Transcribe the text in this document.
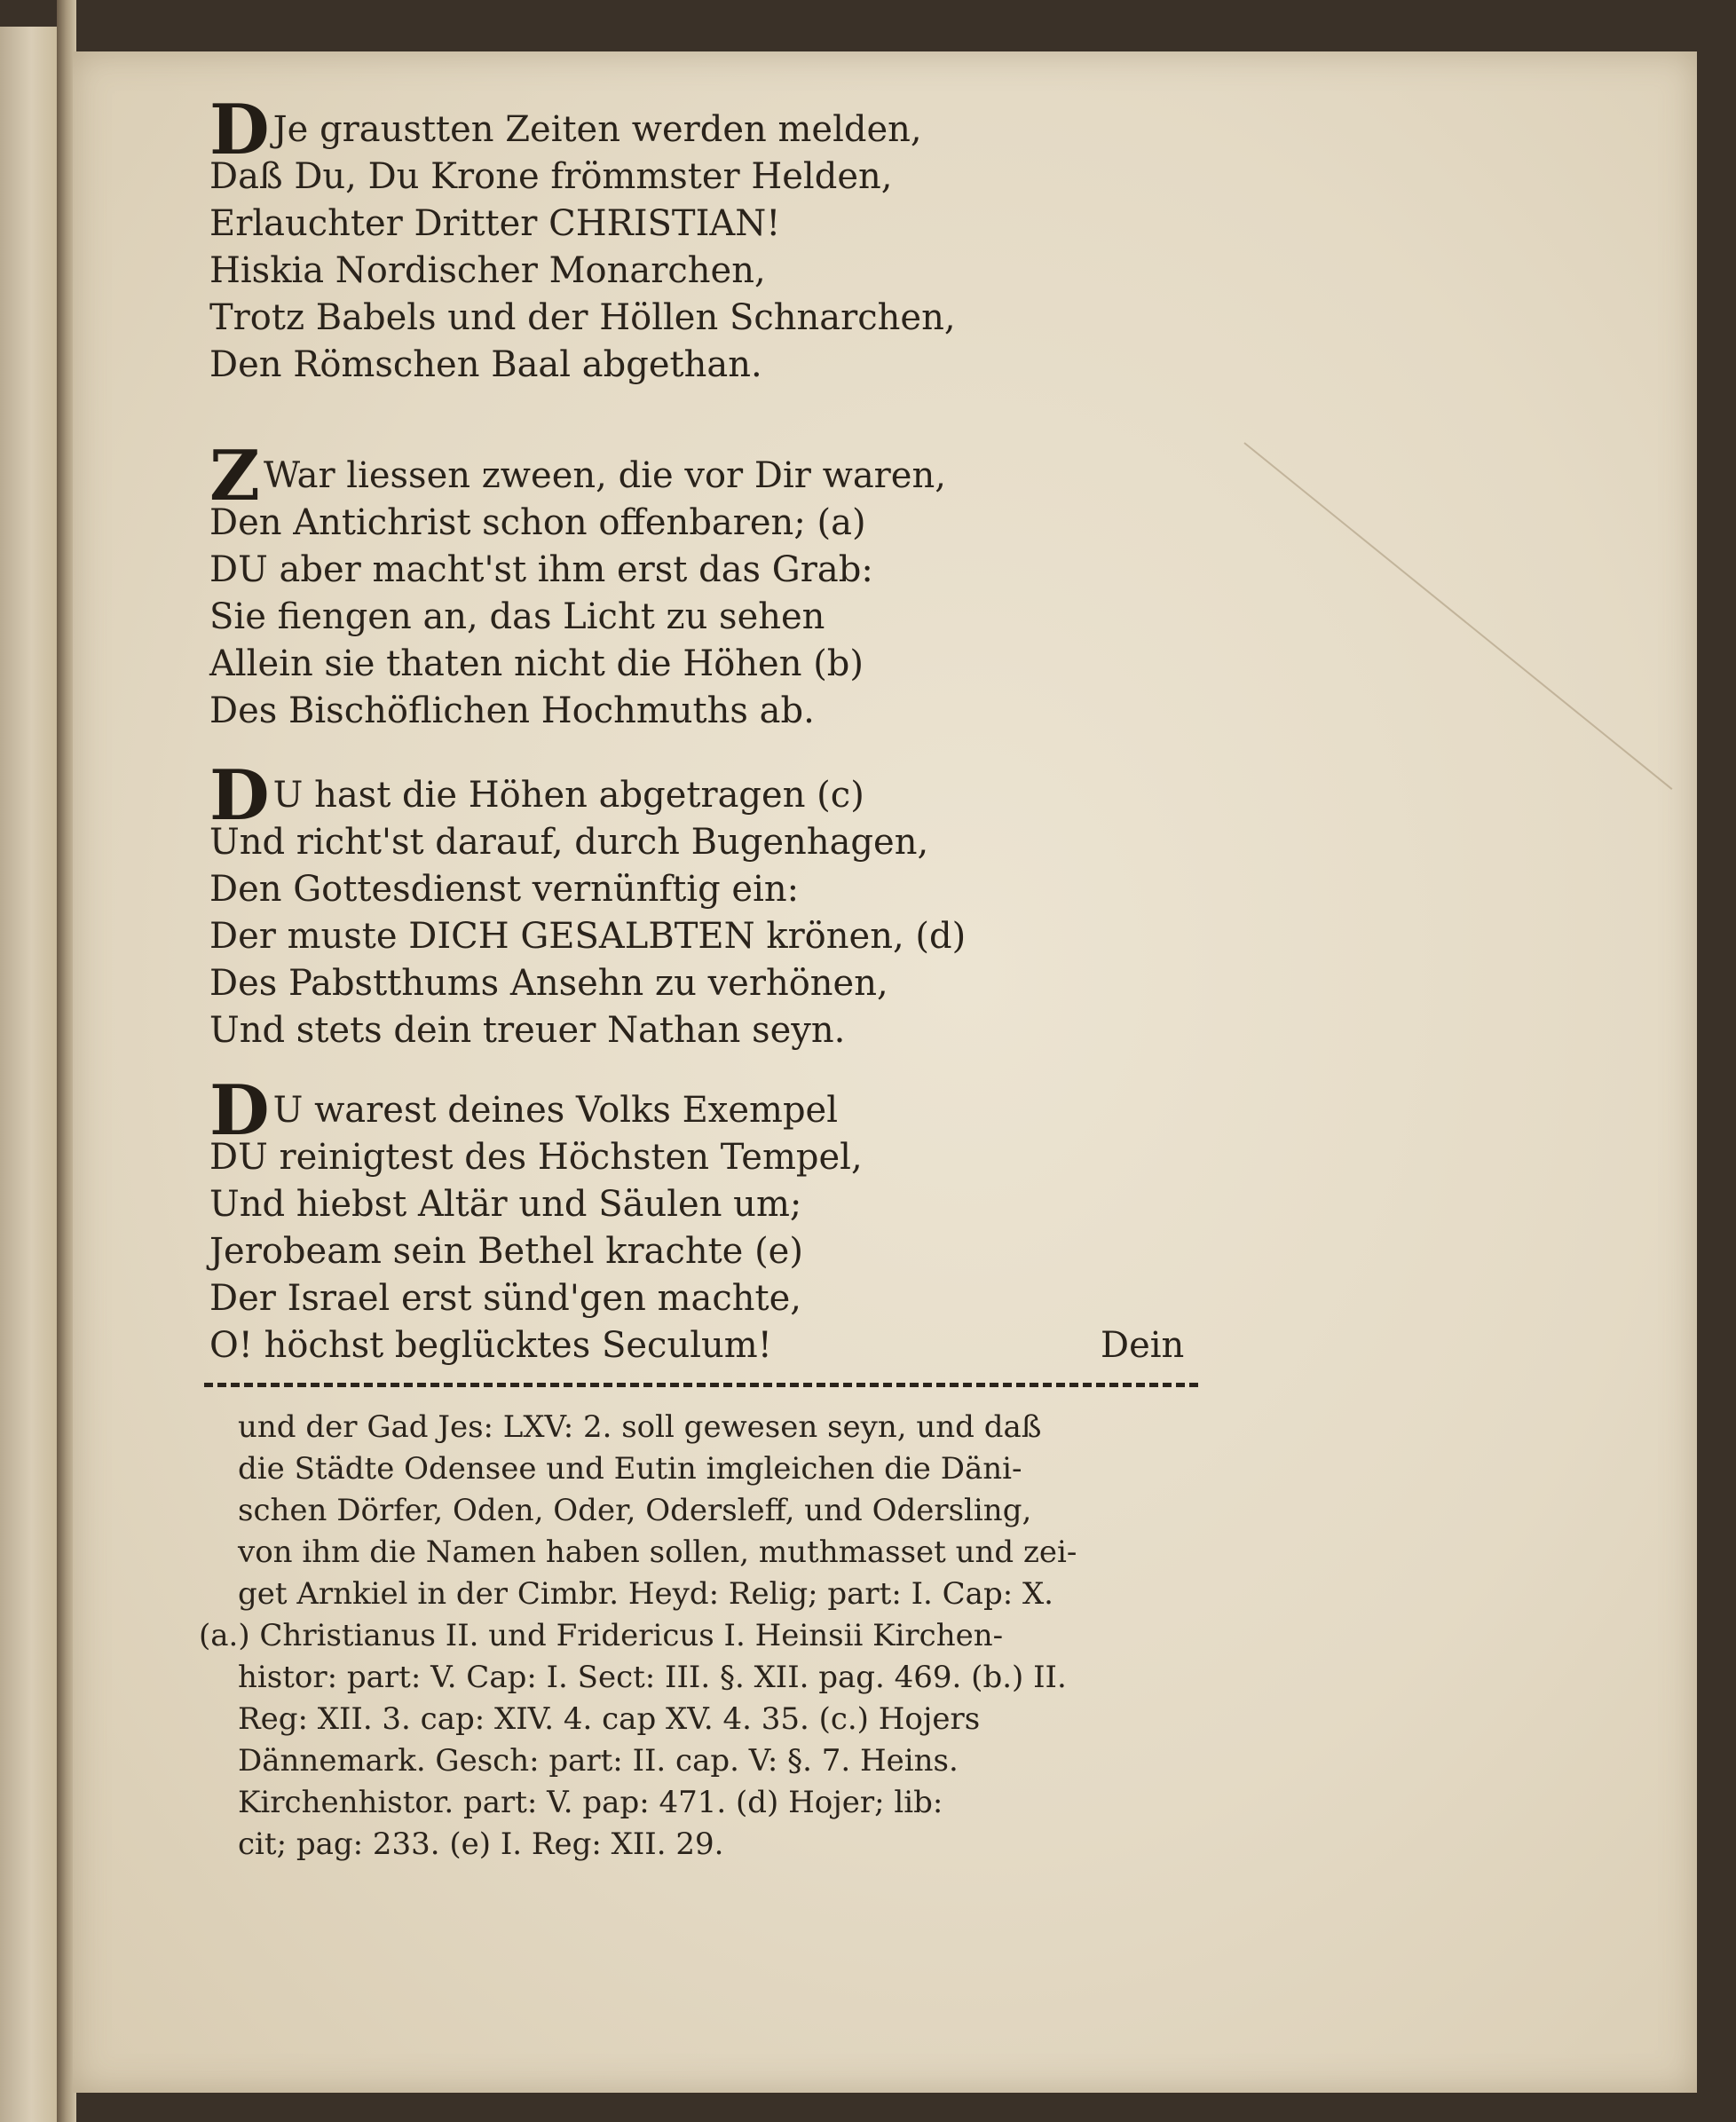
D Je graustten Zeiten werden melden,
Daß Du, Du Krone frömmster Helden,
Erlauchter Dritter CHRISTIAN!
Hiskia Nordischer Monarchen,
Trotz Babels und der Höllen Schnarchen,
Den Römschen Baal abgethan.
Z War liessen zween, die vor Dir waren,
Den Antichrist schon offenbaren; (a)
DU aber macht'st ihm erst das Grab:
Sie fiengen an, das Licht zu sehen
Allein sie thaten nicht die Höhen (b)
Des Bischöflichen Hochmuths ab.
D U hast die Höhen abgetragen (c)
Und richt'st darauf, durch Bugenhagen,
Den Gottesdienst vernünftig ein:
Der muste DICH GESALBTEN krönen, (d)
Des Pabstthums Ansehn zu verhönen,
Und stets dein treuer Nathan seyn.
D U warest deines Volks Exempel
DU reinigtest des Höchsten Tempel,
Und hiebst Altär und Säulen um;
Jerobeam sein Bethel krachte (e)
Der Israel erst sünd'gen machte,
O! höchst beglücktes Seculum!	Dein
und der Gad Jes: LXV: 2. soll gewesen seyn, und daß
die Städte Odensee und Eutin imgleichen die Däni-
schen Dörfer, Oden, Oder, Odersleff, und Odersling,
von ihm die Namen haben sollen, muthmasset und zei-
get Arnkiel in der Cimbr. Heyd: Relig; part: I. Cap: X.
(a.) Christianus II. und Fridericus I. Heinsii Kirchen-
histor: part: V. Cap: I. Sect: III. §. XII. pag. 469. (b.) II.
Reg: XII. 3. cap: XIV. 4. cap XV. 4. 35. (c.) Hojers
Dännemark. Gesch: part: II. cap. V: §. 7. Heins.
Kirchenhistor. part: V. pap: 471. (d) Hojer; lib:
cit; pag: 233. (e) I. Reg: XII. 29.
